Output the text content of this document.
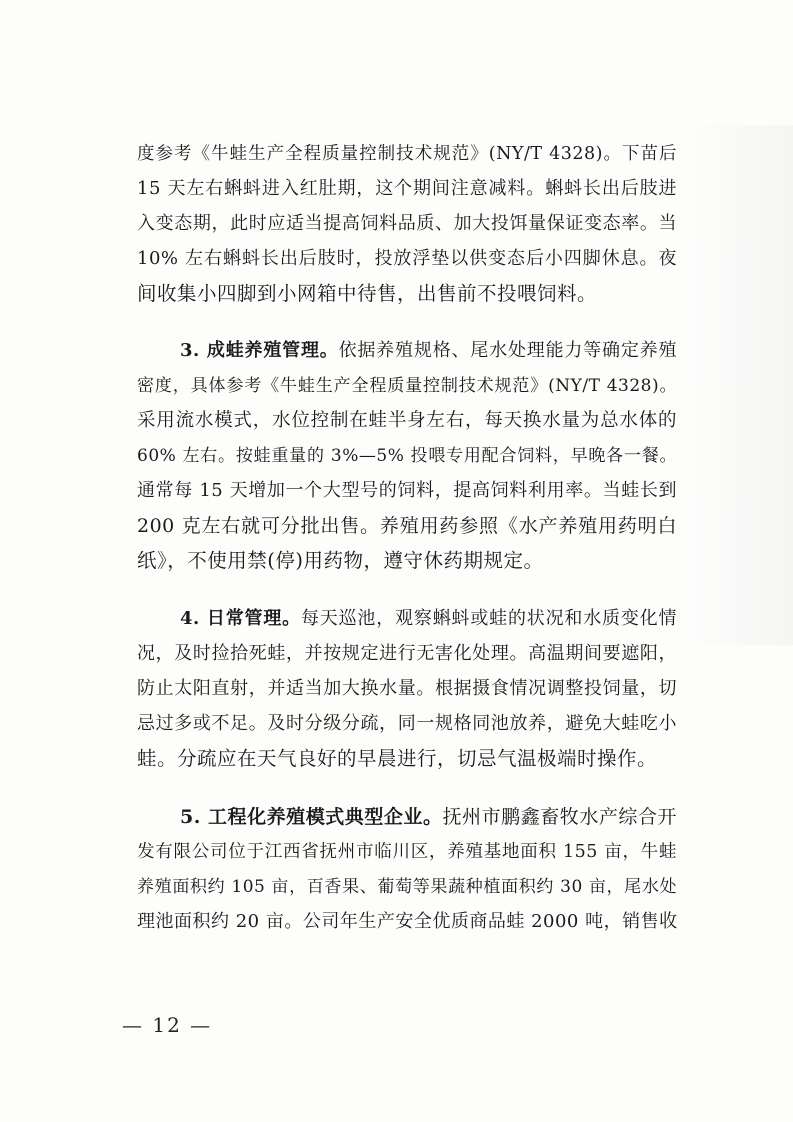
度参考《牛蛙生产全程质量控制技术规范》(NY/T 4328)。下苗后
15 天左右蝌蚪进入红肚期，这个期间注意减料。蝌蚪长出后肢进
入变态期，此时应适当提高饲料品质、加大投饵量保证变态率。当
10% 左右蝌蚪长出后肢时，投放浮垫以供变态后小四脚休息。夜
间收集小四脚到小网箱中待售，出售前不投喂饲料。
3. 成蛙养殖管理。依据养殖规格、尾水处理能力等确定养殖
密度，具体参考《牛蛙生产全程质量控制技术规范》(NY/T 4328)。
采用流水模式，水位控制在蛙半身左右，每天换水量为总水体的
60% 左右。按蛙重量的 3%—5% 投喂专用配合饲料，早晚各一餐。
通常每 15 天增加一个大型号的饲料，提高饲料利用率。当蛙长到
200 克左右就可分批出售。养殖用药参照《水产养殖用药明白
纸》，不使用禁(停)用药物，遵守休药期规定。
4. 日常管理。每天巡池，观察蝌蚪或蛙的状况和水质变化情
况，及时捡拾死蛙，并按规定进行无害化处理。高温期间要遮阳，
防止太阳直射，并适当加大换水量。根据摄食情况调整投饲量，切
忌过多或不足。及时分级分疏，同一规格同池放养，避免大蛙吃小
蛙。分疏应在天气良好的早晨进行，切忌气温极端时操作。
5. 工程化养殖模式典型企业。抚州市鹏鑫畜牧水产综合开
发有限公司位于江西省抚州市临川区，养殖基地面积 155 亩，牛蛙
养殖面积约 105 亩，百香果、葡萄等果蔬种植面积约 30 亩，尾水处
理池面积约 20 亩。公司年生产安全优质商品蛙 2000 吨，销售收
— 12 —
